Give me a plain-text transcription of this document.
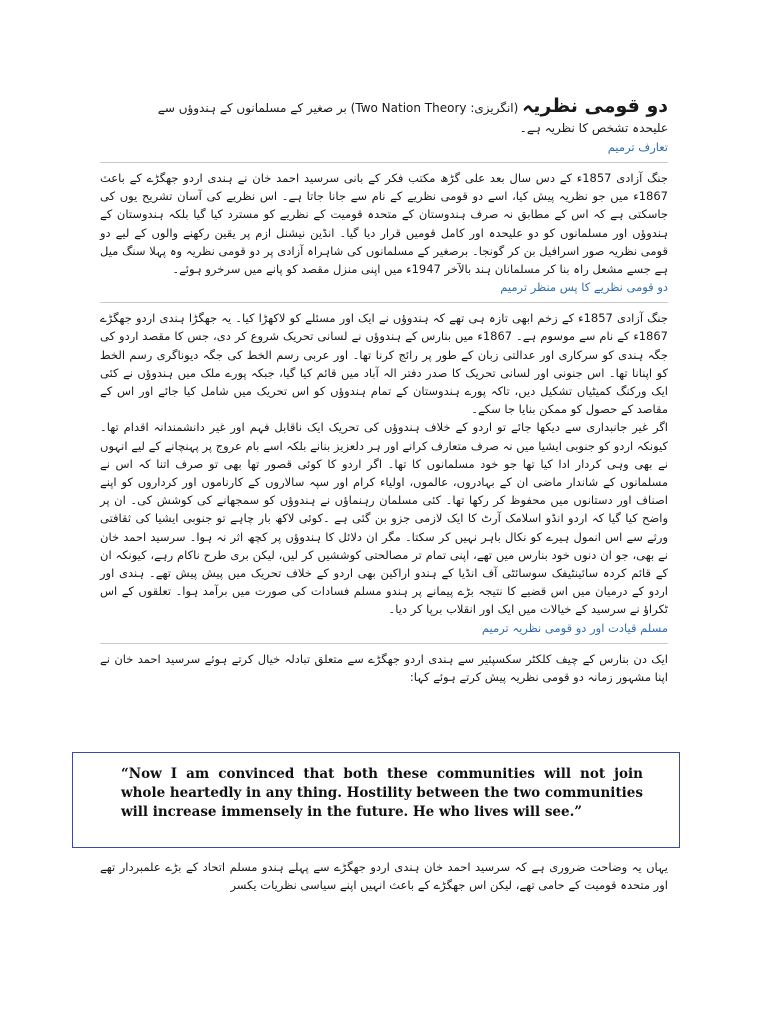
دو قومی نظریہ (انگریزی: Two Nation Theory) بر صغیر کے مسلمانوں کے ہندوؤں سے

علیحدہ تشخص کا نظریہ ہے۔

تعارف ترمیم

جنگ آزادی 1857ء کے دس سال بعد علی گڑھ مکتب فکر کے بانی سرسید احمد خان نے ہندی اردو جھگڑے کے باعث 1867ء میں جو نظریہ پیش کیا، اسے دو قومی نظریے کے نام سے جانا جاتا ہے۔ اس نظریے کی آسان تشریح یوں کی جاسکتی ہے کہ اس کے مطابق نہ صرف ہندوستان کے متحدہ قومیت کے نظریے کو مسترد کیا گیا بلکہ ہندوستان کے ہندوؤں اور مسلمانوں کو دو علیحدہ اور کامل قومیں قرار دیا گیا۔ انڈین نیشنل ازم پر یقین رکھنے والوں کے لیے دو قومی نظریہ صور اسرافیل بن کر گونجا۔ برصغیر کے مسلمانوں کی شاہراہ آزادی پر دو قومی نظریہ وہ پہلا سنگ میل ہے جسے مشعل راہ بنا کر مسلمانان ہند بالآخر 1947ء میں اپنی منزل مقصد کو پانے میں سرخرو ہوئے۔

دو قومی نظریے کا پس منظر ترمیم

جنگ آزادی 1857ء کے زخم ابھی تازہ ہی تھے کہ ہندوؤں نے ایک اور مسئلے کو لاکھڑا کیا۔ یہ جھگڑا ہندی اردو جھگڑے 1867ء کے نام سے موسوم ہے۔ 1867ء میں بنارس کے ہندوؤں نے لسانی تحریک شروع کر دی، جس کا مقصد اردو کی جگہ ہندی کو سرکاری اور عدالتی زبان کے طور پر رائج کرنا تھا۔ اور عربی رسم الخط کی جگہ دیوناگری رسم الخط کو اپنانا تھا۔ اس جنونی اور لسانی تحریک کا صدر دفتر الہ آباد میں قائم کیا گیا، جبکہ پورے ملک میں ہندوؤں نے کئی ایک ورکنگ کمیٹیاں تشکیل دیں، تاکہ پورے ہندوستان کے تمام ہندوؤں کو اس تحریک میں شامل کیا جائے اور اس کے مقاصد کے حصول کو ممکن بنایا جا سکے۔

اگر غیر جانبداری سے دیکھا جائے تو اردو کے خلاف ہندوؤں کی تحریک ایک ناقابل فہم اور غیر دانشمندانہ اقدام تھا۔ کیونکہ اردو کو جنوبی ایشیا میں نہ صرف متعارف کرانے اور ہر دلعزیز بنانے بلکہ اسے بام عروج پر پہنچانے کے لیے انہوں نے بھی وہی کردار ادا کیا تھا جو خود مسلمانوں کا تھا۔ اگر اردو کا کوئی قصور تھا بھی تو صرف اتنا کہ اس نے مسلمانوں کے شاندار ماضی ان کے بہادروں، عالموں، اولیاء کرام اور سپہ سالاروں کے کارناموں اور کرداروں کو اپنے اصناف اور دستانوں میں محفوظ کر رکھا تھا۔ کئی مسلمان رہنماؤں نے ہندوؤں کو سمجھانے کی کوشش کی۔ ان پر واضح کیا گیا کہ اردو انڈو اسلامک آرٹ کا ایک لازمی جزو بن گئی ہے ۔کوئی لاکھ بار چاہے تو جنوبی ایشیا کی ثقافتی ورثے سے اس انمول ہیرے کو نکال باہر نہیں کر سکتا۔ مگر ان دلائل کا ہندوؤں پر کچھ اثر نہ ہوا۔ سرسید احمد خان نے بھی، جو ان دنوں خود بنارس میں تھے، اپنی تمام تر مصالحتی کوششیں کر لیں، لیکن بری طرح ناکام رہے، کیونکہ ان کے قائم کردہ سائینٹیفک سوسائٹی آف انڈیا کے ہندو اراکین بھی اردو کے خلاف تحریک میں پیش پیش تھے۔ ہندی اور اردو کے درمیان میں اس قضیے کا نتیجہ بڑے پیمانے پر ہندو مسلم فسادات کی صورت میں برآمد ہوا۔ تعلقوں کے اس ٹکراؤ نے سرسید کے خیالات میں ایک اور انقلاب برپا کر دیا۔

مسلم قیادت اور دو قومی نظریہ ترمیم

ایک دن بنارس کے چیف کلکٹر سکسپئیر سے ہندی اردو جھگڑے سے متعلق تبادلہ خیال کرتے ہوئے سرسید احمد خان نے اپنا مشہور زمانہ دو قومی نظریہ پیش کرتے ہوئے کہا:

“Now I am convinced that both these communities will not join whole heartedly in any thing. Hostility between the two communities will increase immensely in the future. He who lives will see.”

یہاں یہ وضاحت ضروری ہے کہ سرسید احمد خان ہندی اردو جھگڑے سے پہلے ہندو مسلم اتحاد کے بڑے علمبردار تھے اور متحدہ قومیت کے حامی تھے، لیکن اس جھگڑے کے باعث انہیں اپنے سیاسی نظریات یکسر
